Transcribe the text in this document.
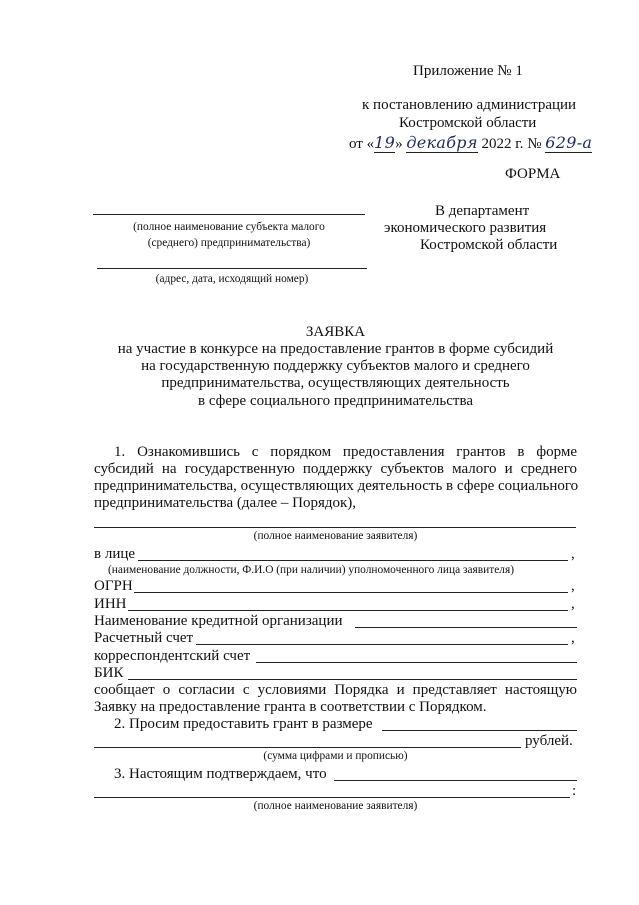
Приложение № 1
к постановлению администрации
Костромской области
от «19» декабря 2022 г. № 629-а
ФОРМА
(полное наименование субъекта малого
(среднего) предпринимательства)
(адрес, дата, исходящий номер)
В департамент
экономического развития
Костромской области
ЗАЯВКА
на участие в конкурсе на предоставление грантов в форме субсидий
на государственную поддержку субъектов малого и среднего
предпринимательства, осуществляющих деятельность
в сфере социального предпринимательства
1. Ознакомившись с порядком предоставления грантов в форме
субсидий на государственную поддержку субъектов малого и среднего
предпринимательства, осуществляющих деятельность в сфере социального
предпринимательства (далее – Порядок),
(полное наименование заявителя)
в лице	,
(наименование должности, Ф.И.О (при наличии) уполномоченного лица заявителя)
ОГРН	,
ИНН	,
Наименование кредитной организации
Расчетный счет	,
корреспондентский счет
БИК
сообщает о согласии с условиями Порядка и представляет настоящую
Заявку на предоставление гранта в соответствии с Порядком.
2. Просим предоставить грант в размере
рублей.
(сумма цифрами и прописью)
3. Настоящим подтверждаем, что
:
(полное наименование заявителя)
